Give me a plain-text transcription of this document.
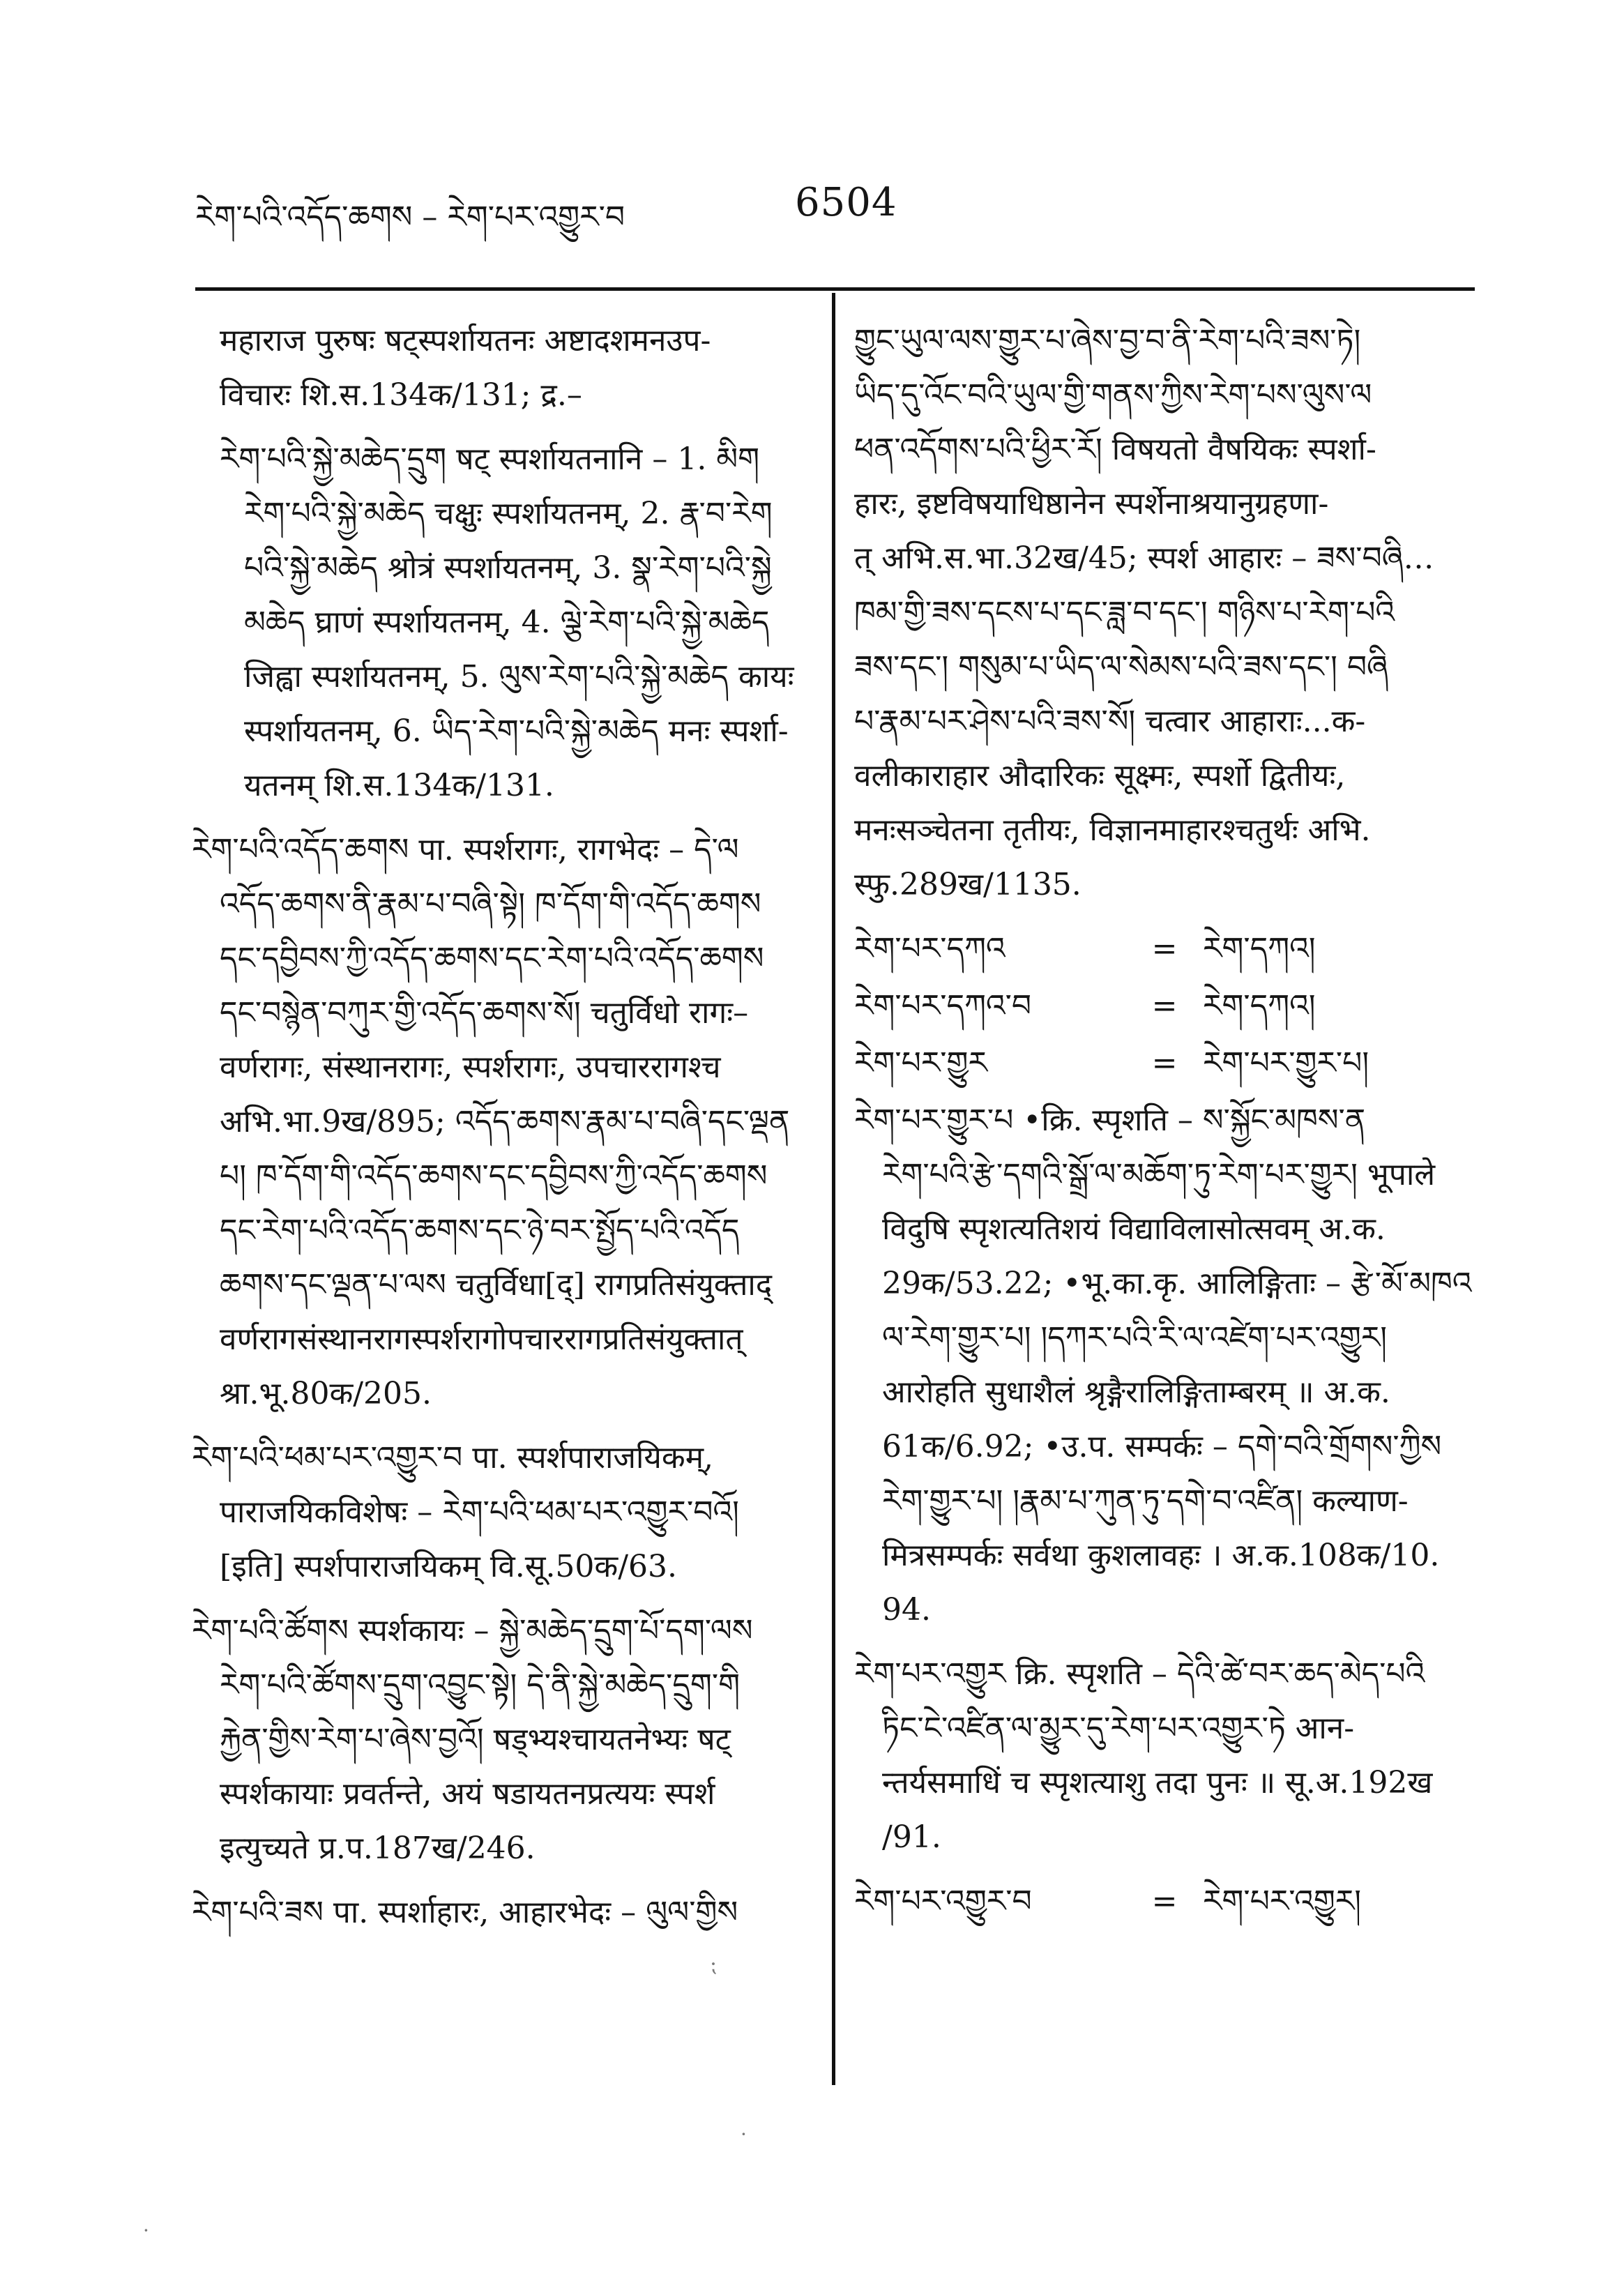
རེག་པའི་འདོད་ཆགས – རེག་པར་འགྱུར་བ	6504
महाराज पुरुषः षट्स्पर्शायतनः अष्टादशमनउप-
विचारः शि.स.134क/131; द्र.–
རེག་པའི་སྐྱེ་མཆེད་དྲུག षट् स्पर्शायतनानि – 1. མིག
རེག་པའི་སྐྱེ་མཆེད चक्षुः स्पर्शायतनम्, 2. རྣ་བ་རེག
པའི་སྐྱེ་མཆེད श्रोत्रं स्पर्शायतनम्, 3. སྣ་རེག་པའི་སྐྱེ
མཆེད घ्राणं स्पर्शायतनम्, 4. ལྕེ་རེག་པའི་སྐྱེ་མཆེད
जिह्वा स्पर्शायतनम्, 5. ལུས་རེག་པའི་སྐྱེ་མཆེད कायः
स्पर्शायतनम्, 6. ཡིད་རེག་པའི་སྐྱེ་མཆེད मनः स्पर्शा-
यतनम् शि.स.134क/131.
རེག་པའི་འདོད་ཆགས पा. स्पर्शरागः, रागभेदः – དེ་ལ
འདོད་ཆགས་ནི་རྣམ་པ་བཞི་སྟེ། ཁ་དོག་གི་འདོད་ཆགས
དང་དབྱིབས་ཀྱི་འདོད་ཆགས་དང་རེག་པའི་འདོད་ཆགས
དང་བསྙེན་བཀུར་གྱི་འདོད་ཆགས་སོ། चतुर्विधो रागः–
वर्णरागः, संस्थानरागः, स्पर्शरागः, उपचाररागश्च
अभि.भा.9ख/895; འདོད་ཆགས་རྣམ་པ་བཞི་དང་ལྡན
པ། ཁ་དོག་གི་འདོད་ཆགས་དང་དབྱིབས་ཀྱི་འདོད་ཆགས
དང་རེག་པའི་འདོད་ཆགས་དང་ཉེ་བར་སྤྱོད་པའི་འདོད
ཆགས་དང་ལྡན་པ་ལས चतुर्विधा[द्] रागप्रतिसंयुक्ताद्
वर्णरागसंस्थानरागस्पर्शरागोपचाररागप्रतिसंयुक्तात्
श्रा.भू.80क/205.
རེག་པའི་ཕམ་པར་འགྱུར་བ पा. स्पर्शपाराजयिकम्,
पाराजयिकविशेषः – རེག་པའི་ཕམ་པར་འགྱུར་བའོ།
[इति] स्पर्शपाराजयिकम् वि.सू.50क/63.
རེག་པའི་ཚོགས स्पर्शकायः – སྐྱེ་མཆེད་དྲུག་པོ་དག་ལས
རེག་པའི་ཚོགས་དྲུག་འབྱུང་སྟེ། དེ་ནི་སྐྱེ་མཆེད་དྲུག་གི
རྐྱེན་གྱིས་རེག་པ་ཞེས་བྱའོ། षड्भ्यश्चायतनेभ्यः षट्
स्पर्शकायाः प्रवर्तन्ते, अयं षडायतनप्रत्ययः स्पर्श
इत्युच्यते प्र.प.187ख/246.
རེག་པའི་ཟས पा. स्पर्शाहारः, आहारभेदः – ལུལ་གྱིས
གྱུང་ཡུལ་ལས་གྱུར་པ་ཞེས་བྱ་བ་ནི་རེག་པའི་ཟས་ཏེ།
ཡིད་དུ་འོང་བའི་ཡུལ་གྱི་གནས་ཀྱིས་རེག་པས་ལུས་ལ
ཕན་འདོགས་པའི་ཕྱིར་རོ། विषयतो वैषयिकः स्पर्शा-
हारः, इष्टविषयाधिष्ठानेन स्पर्शेनाश्रयानुग्रहणा-
त् अभि.स.भा.32ख/45; स्पर्श आहारः – ཟས་བཞི…
ཁམ་གྱི་ཟས་དངས་པ་དང་ཟླ་བ་དང་། གཉིས་པ་རེག་པའི
ཟས་དང་། གསུམ་པ་ཡིད་ལ་སེམས་པའི་ཟས་དང་། བཞི
པ་རྣམ་པར་ཤེས་པའི་ཟས་སོ། चत्वार आहाराः...क-
वलीकाराहार औदारिकः सूक्ष्मः, स्पर्शो द्वितीयः,
मनःसञ्चेतना तृतीयः, विज्ञानमाहारश्चतुर्थः अभि.
स्फु.289ख/1135.
རེག་པར་དཀའ	= རེག་དཀའ།
རེག་པར་དཀའ་བ	= རེག་དཀའ།
རེག་པར་གྱུར	= རེག་པར་གྱུར་པ།
རེག་པར་གྱུར་པ •क्रि. स्पृशति – ས་སྐྱོང་མཁས་ན
རེག་པའི་རྩེ་དགའི་སྒྲོ་ལ་མཆོག་ཏུ་རེག་པར་གྱུར། भूपाले
विदुषि स्पृशत्यतिशयं विद्याविलासोत्सवम् अ.क.
29क/53.22; •भू.का.कृ. आलिङ्गिताः – རྩེ་མོ་མཁའ
ལ་རེག་གྱུར་པ། །དཀར་པའི་རི་ལ་འཛེག་པར་འགྱུར།
आरोहति सुधाशैलं श्रृङ्गैरालिङ्गिताम्बरम् ॥ अ.क.
61क/6.92; •उ.प. सम्पर्कः – དགེ་བའི་གྲོགས་ཀྱིས
རེག་གྱུར་པ། །རྣམ་པ་ཀུན་ཏུ་དགེ་བ་འཛིན། कल्याण-
मित्रसम्पर्कः सर्वथा कुशलावहः । अ.क.108क/10.
94.
རེག་པར་འགྱུར क्रि. स्पृशति – དེའི་ཚེ་བར་ཆད་མེད་པའི
ཏིང་ངེ་འཛིན་ལ་མྱུར་དུ་རེག་པར་འགྱུར་ཏེ आन-
न्तर्यसमाधिं च स्पृशत्याशु तदा पुनः ॥ सू.अ.192ख
/91.
རེག་པར་འགྱུར་བ	= རེག་པར་འགྱུར།
⁏
·
·
